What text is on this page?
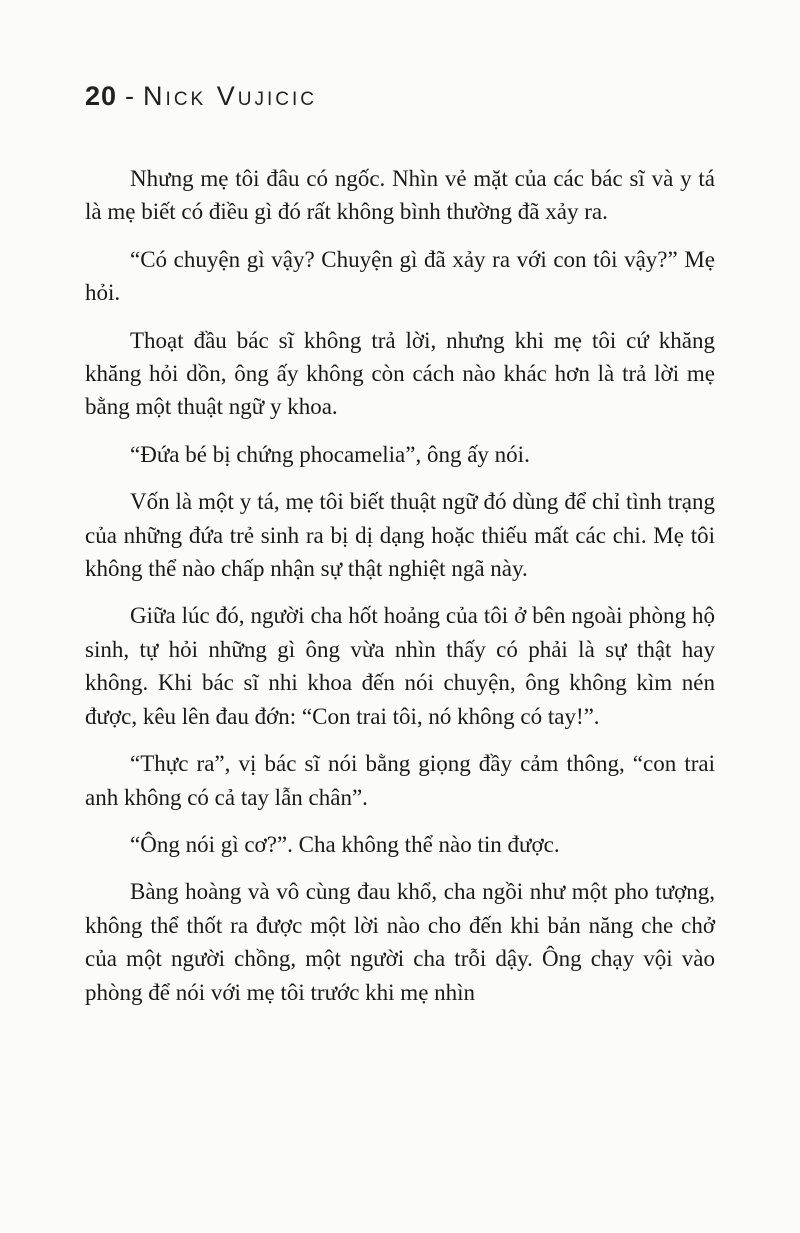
20 - Nick Vujicic

Nhưng mẹ tôi đâu có ngốc. Nhìn vẻ mặt của các bác sĩ và y tá là mẹ biết có điều gì đó rất không bình thường đã xảy ra.

“Có chuyện gì vậy? Chuyện gì đã xảy ra với con tôi vậy?” Mẹ hỏi.

Thoạt đầu bác sĩ không trả lời, nhưng khi mẹ tôi cứ khăng khăng hỏi dồn, ông ấy không còn cách nào khác hơn là trả lời mẹ bằng một thuật ngữ y khoa.

“Đứa bé bị chứng phocamelia”, ông ấy nói.

Vốn là một y tá, mẹ tôi biết thuật ngữ đó dùng để chỉ tình trạng của những đứa trẻ sinh ra bị dị dạng hoặc thiếu mất các chi. Mẹ tôi không thể nào chấp nhận sự thật nghiệt ngã này.

Giữa lúc đó, người cha hốt hoảng của tôi ở bên ngoài phòng hộ sinh, tự hỏi những gì ông vừa nhìn thấy có phải là sự thật hay không. Khi bác sĩ nhi khoa đến nói chuyện, ông không kìm nén được, kêu lên đau đớn: “Con trai tôi, nó không có tay!”.

“Thực ra”, vị bác sĩ nói bằng giọng đầy cảm thông, “con trai anh không có cả tay lẫn chân”.

“Ông nói gì cơ?”. Cha không thể nào tin được.

Bàng hoàng và vô cùng đau khổ, cha ngồi như một pho tượng, không thể thốt ra được một lời nào cho đến khi bản năng che chở của một người chồng, một người cha trỗi dậy. Ông chạy vội vào phòng để nói với mẹ tôi trước khi mẹ nhìn
